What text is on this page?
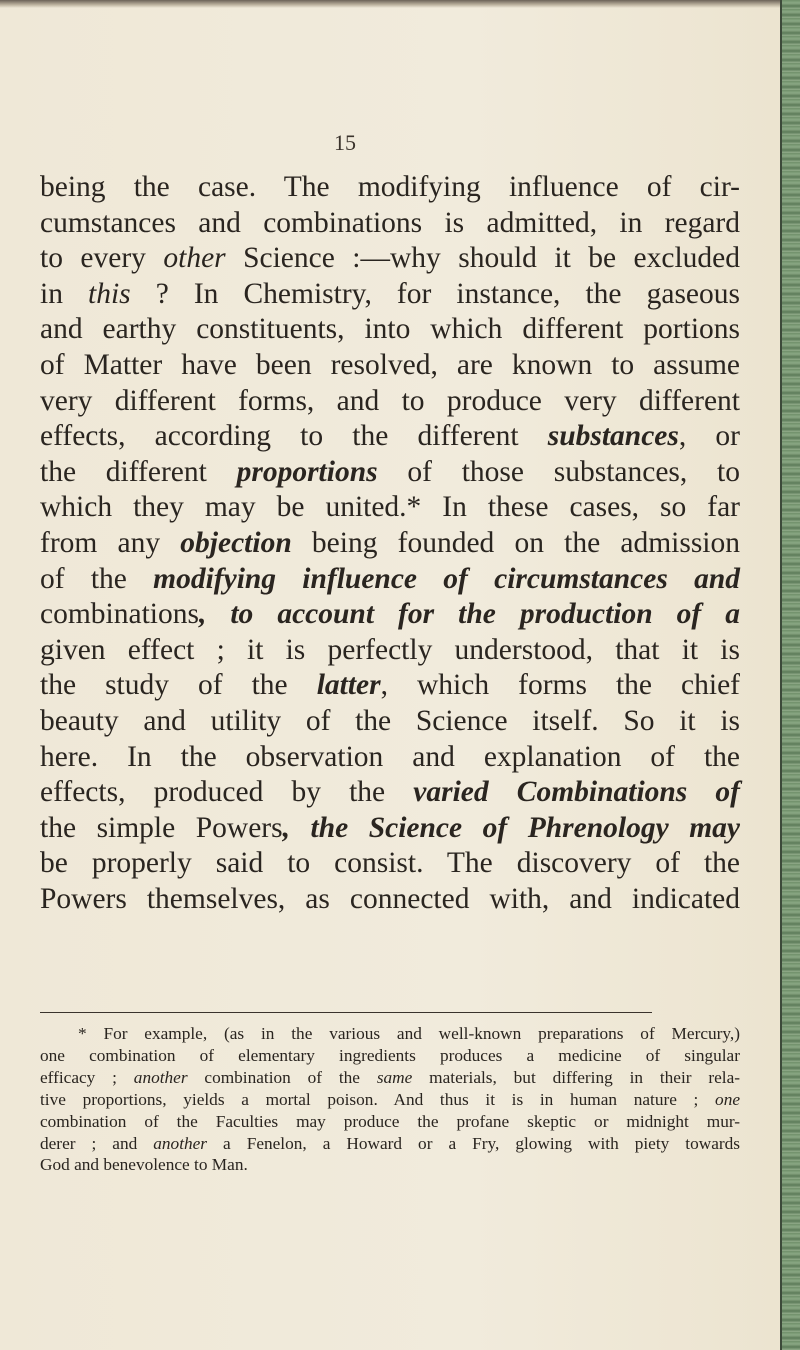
15
being the case. The modifying influence of cir-
cumstances and combinations is admitted, in regard
to every other Science :—why should it be excluded
in this ? In Chemistry, for instance, the gaseous
and earthy constituents, into which different portions
of Matter have been resolved, are known to assume
very different forms, and to produce very different
effects, according to the different substances, or
the different proportions of those substances, to
which they may be united.* In these cases, so far
from any objection being founded on the admission
of the modifying influence of circumstances and
combinations, to account for the production of a
given effect ; it is perfectly understood, that it is
the study of the latter, which forms the chief
beauty and utility of the Science itself. So it is
here. In the observation and explanation of the
effects, produced by the varied Combinations of
the simple Powers, the Science of Phrenology may
be properly said to consist. The discovery of the
Powers themselves, as connected with, and indicated
* For example, (as in the various and well-known preparations of Mercury,)
one combination of elementary ingredients produces a medicine of singular
efficacy ; another combination of the same materials, but differing in their rela-
tive proportions, yields a mortal poison. And thus it is in human nature ; one
combination of the Faculties may produce the profane skeptic or midnight mur-
derer ; and another a Fenelon, a Howard or a Fry, glowing with piety towards
God and benevolence to Man.
